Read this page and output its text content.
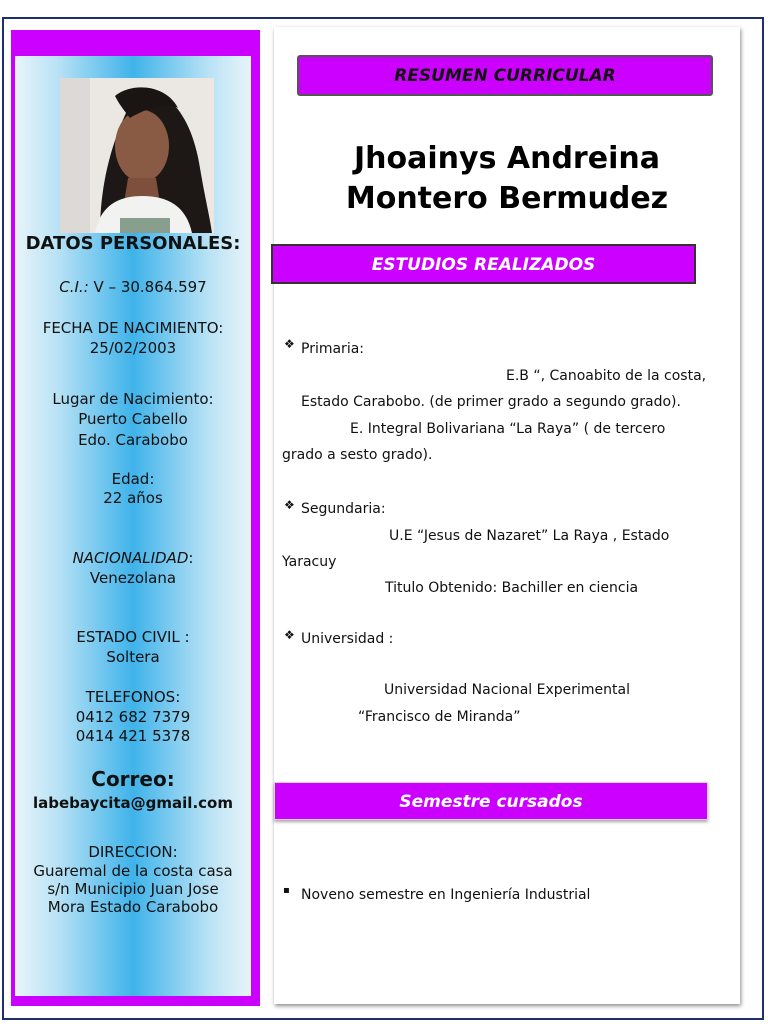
DATOS PERSONALES:
C.I.: V – 30.864.597
FECHA DE NACIMIENTO:
25/02/2003
Lugar de Nacimiento:
Puerto Cabello
Edo. Carabobo
Edad:
22 años
NACIONALIDAD:
Venezolana
ESTADO CIVIL :
Soltera
TELEFONOS:
0412 682 7379
0414 421 5378
Correo:
labebaycita@gmail.com
DIRECCION:
Guaremal de la costa casa
s/n Municipio Juan Jose
Mora Estado Carabobo
RESUMEN CURRICULAR
Jhoainys Andreina
Montero Bermudez
ESTUDIOS REALIZADOS
❖ Primaria:
E.B “, Canoabito de la costa,
Estado Carabobo. (de primer grado a segundo grado).
E. Integral Bolivariana “La Raya” ( de tercero
grado a sesto grado).
❖ Segundaria:
U.E “Jesus de Nazaret” La Raya , Estado
Yaracuy
Titulo Obtenido: Bachiller en ciencia
❖ Universidad :
Universidad Nacional Experimental
“Francisco de Miranda”
Semestre cursados
▪ Noveno semestre en Ingeniería Industrial
